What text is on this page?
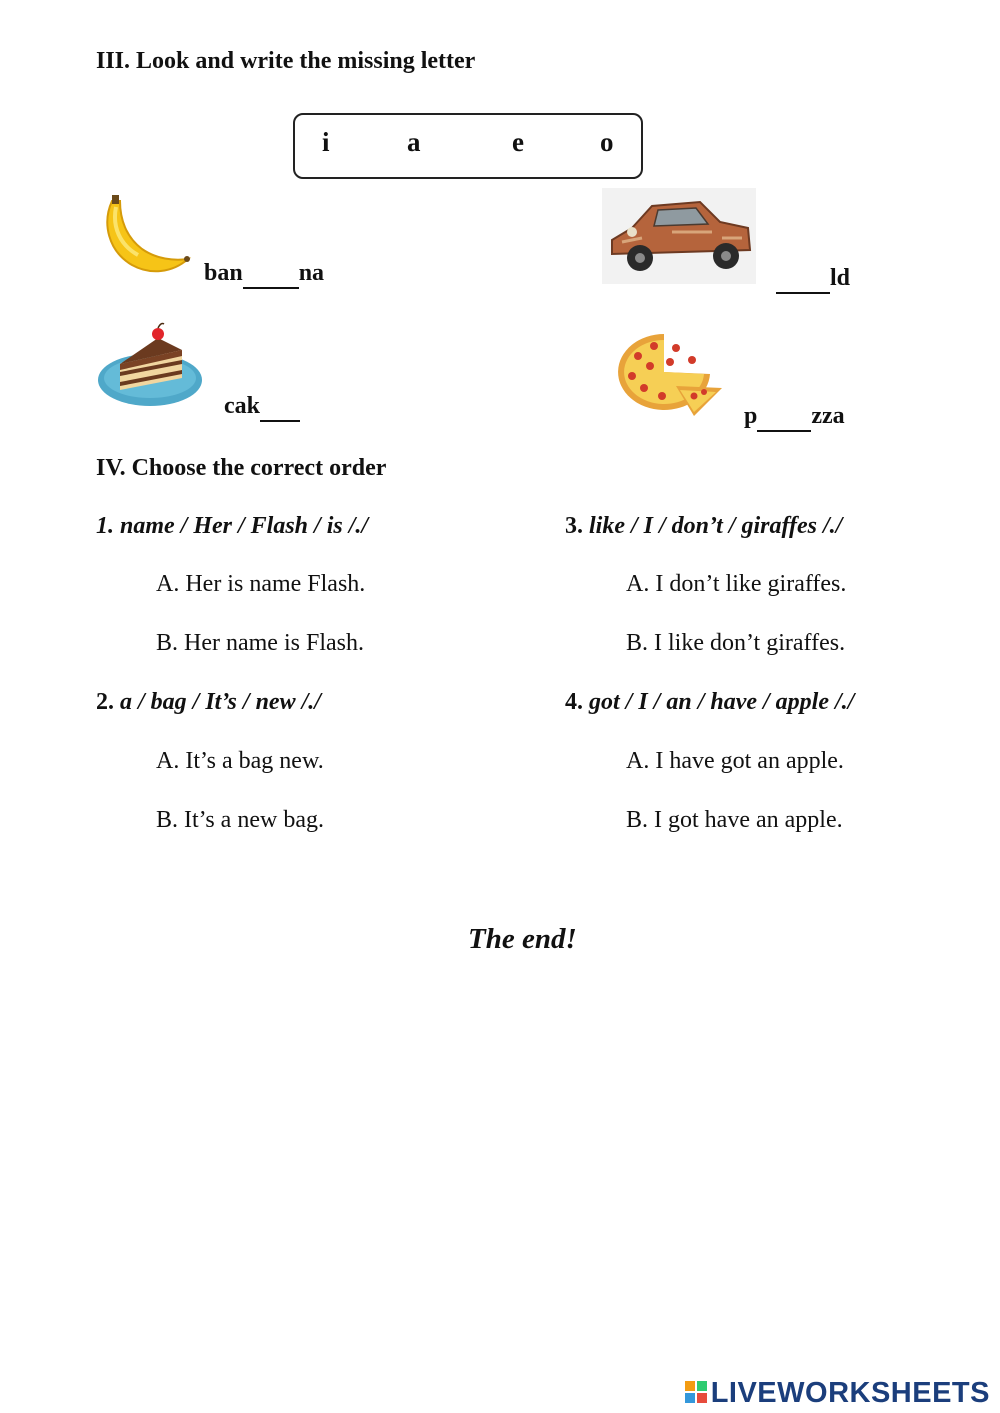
III. Look and write the missing letter
i	a	e	o
ban na	ld
cak	p zza
IV. Choose the correct order
1. name / Her / Flash / is /./
A. Her is name Flash.
B. Her name is Flash.
2. a / bag / It’s / new /./
A. It’s a bag new.
B. It’s a new bag.
3. like / I / don’t / giraffes /./
A. I don’t like giraffes.
B. I like don’t giraffes.
4. got / I / an / have / apple /./
A. I have got an apple.
B. I got have an apple.
The end!
LIVEWORKSHEETS
